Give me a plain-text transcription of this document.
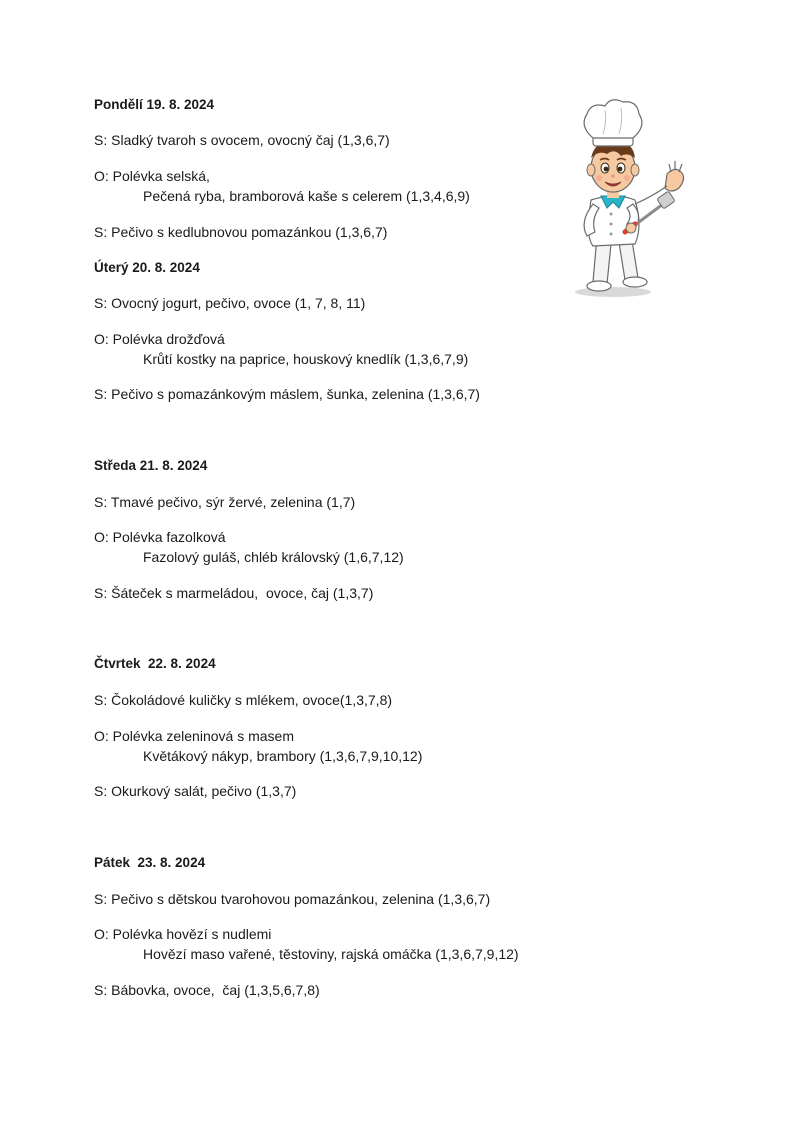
Pondělí 19. 8. 2024
S: Sladký tvaroh s ovocem, ovocný čaj (1,3,6,7)
O: Polévka selská,
Pečená ryba, bramborová kaše s celerem (1,3,4,6,9)
S: Pečivo s kedlubnovou pomazánkou (1,3,6,7)
Úterý 20. 8. 2024
S: Ovocný jogurt, pečivo, ovoce (1, 7, 8, 11)
O: Polévka drožďová
Krůtí kostky na paprice, houskový knedlík (1,3,6,7,9)
S: Pečivo s pomazánkovým máslem, šunka, zelenina (1,3,6,7)
Středa 21. 8. 2024
S: Tmavé pečivo, sýr žervé, zelenina (1,7)
O: Polévka fazolková
Fazolový guláš, chléb královský (1,6,7,12)
S: Šáteček s marmeládou,  ovoce, čaj (1,3,7)
Čtvrtek  22. 8. 2024
S: Čokoládové kuličky s mlékem, ovoce(1,3,7,8)
O: Polévka zeleninová s masem
Květákový nákyp, brambory (1,3,6,7,9,10,12)
S: Okurkový salát, pečivo (1,3,7)
Pátek  23. 8. 2024
S: Pečivo s dětskou tvarohovou pomazánkou, zelenina (1,3,6,7)
O: Polévka hovězí s nudlemi
Hovězí maso vařené, těstoviny, rajská omáčka (1,3,6,7,9,12)
S: Bábovka, ovoce,  čaj (1,3,5,6,7,8)
